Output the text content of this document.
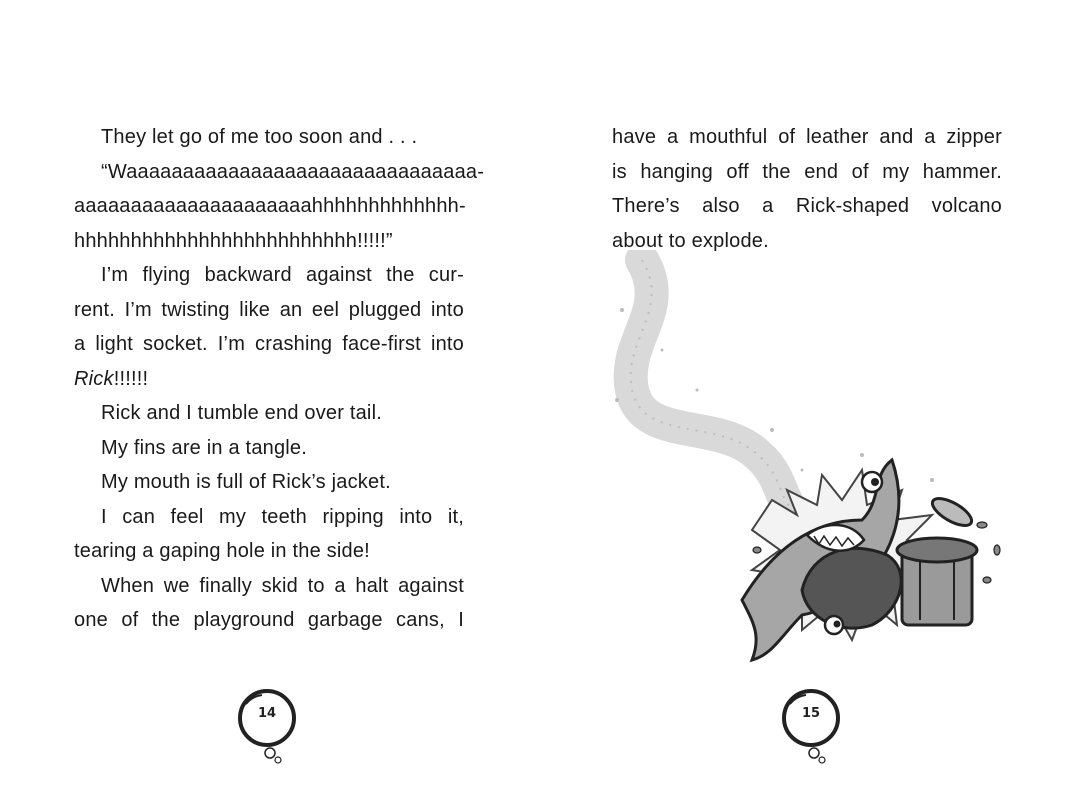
They let go of me too soon and . . .
“Waaaaaaaaaaaaaaaaaaaaaaaaaaaaaaa-
aaaaaaaaaaaaaaaaaaaaahhhhhhhhhhhhh-
hhhhhhhhhhhhhhhhhhhhhhhhh!!!!!”
I’m flying backward against the cur-
rent. I’m twisting like an eel plugged into
a light socket. I’m crashing face-first into
Rick!!!!!!
Rick and I tumble end over tail.
My fins are in a tangle.
My mouth is full of Rick’s jacket.
I can feel my teeth ripping into it,
tearing a gaping hole in the side!
When we finally skid to a halt against
one of the playground garbage cans, I
14
have a mouthful of leather and a zipper
is hanging off the end of my hammer.
There’s also a Rick-shaped volcano
about to explode.
15
